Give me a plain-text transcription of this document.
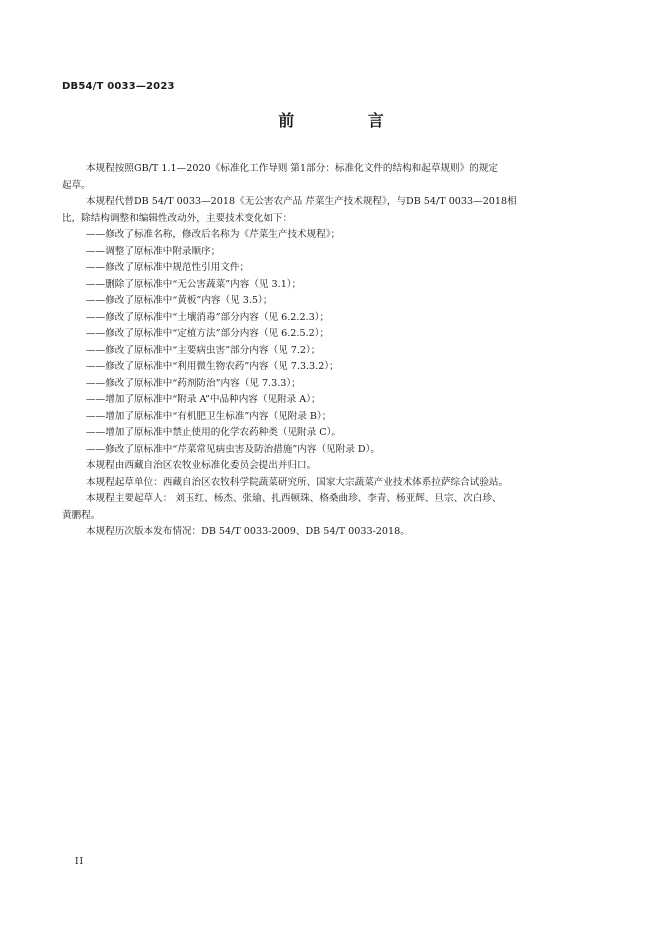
DB54/T 0033—2023
前 言

本规程按照GB/T 1.1—2020《标准化工作导则 第1部分：标准化文件的结构和起草规则》的规定

起草。

本规程代替DB 54/T 0033—2018《无公害农产品 芹菜生产技术规程》，与DB 54/T 0033—2018相

比，除结构调整和编辑性改动外，主要技术变化如下：

——修改了标准名称，修改后名称为《芹菜生产技术规程》；

——调整了原标准中附录顺序；

——修改了原标准中规范性引用文件；

——删除了原标准中“无公害蔬菜”内容（见 3.1）；

——修改了原标准中“黄板”内容（见 3.5）；

——修改了原标准中“土壤消毒”部分内容（见 6.2.2.3）；

——修改了原标准中“定植方法”部分内容（见 6.2.5.2）；

——修改了原标准中“主要病虫害”部分内容（见 7.2）；

——修改了原标准中“利用微生物农药”内容（见 7.3.3.2）；

——修改了原标准中“药剂防治”内容（见 7.3.3）；

——增加了原标准中“附录 A”中品种内容（见附录 A）；

——增加了原标准中“有机肥卫生标准”内容（见附录 B）；

——增加了原标准中禁止使用的化学农药种类（见附录 C）。

——修改了原标准中“芹菜常见病虫害及防治措施”内容（见附录 D）。

本规程由西藏自治区农牧业标准化委员会提出并归口。

本规程起草单位：西藏自治区农牧科学院蔬菜研究所、国家大宗蔬菜产业技术体系拉萨综合试验站。

本规程主要起草人： 刘玉红、杨杰、张瑜、扎西顿珠、格桑曲珍、李青、杨亚辉、旦宗、次白珍、

黄鹏程。

本规程历次版本发布情况：DB 54/T 0033-2009、DB 54/T 0033-2018。

II
